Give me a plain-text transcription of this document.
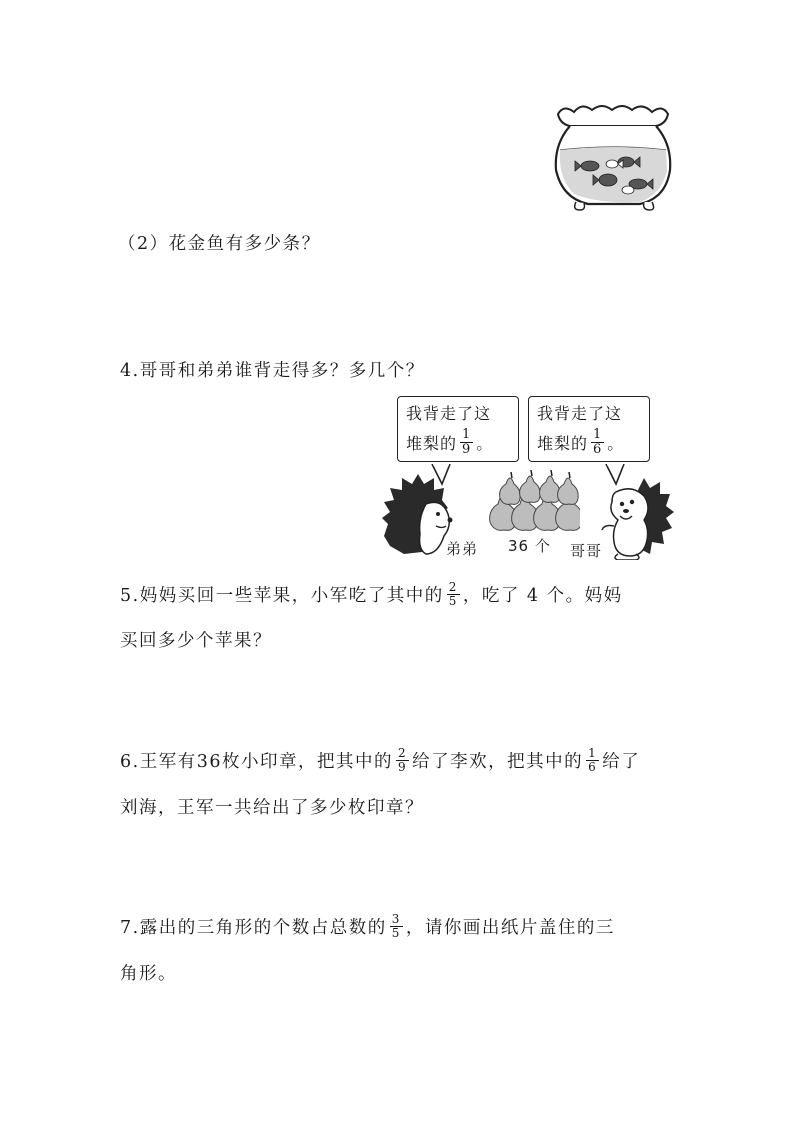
（2）花金鱼有多少条？
4.哥哥和弟弟谁背走得多？多几个？
我背走了这
堆梨的 $\frac{1}{9}$ 。
我背走了这
堆梨的 $\frac{1}{6}$ 。
弟弟 36 个 哥哥
5.妈妈买回一些苹果，小军吃了其中的 $\frac{2}{5}$ ，吃了 4 个。妈妈
买回多少个苹果？
6.王军有36枚小印章，把其中的 $\frac{2}{9}$ 给了李欢，把其中的 $\frac{1}{6}$ 给了
刘海，王军一共给出了多少枚印章？
7.露出的三角形的个数占总数的 $\frac{3}{5}$ ，请你画出纸片盖住的三
角形。
